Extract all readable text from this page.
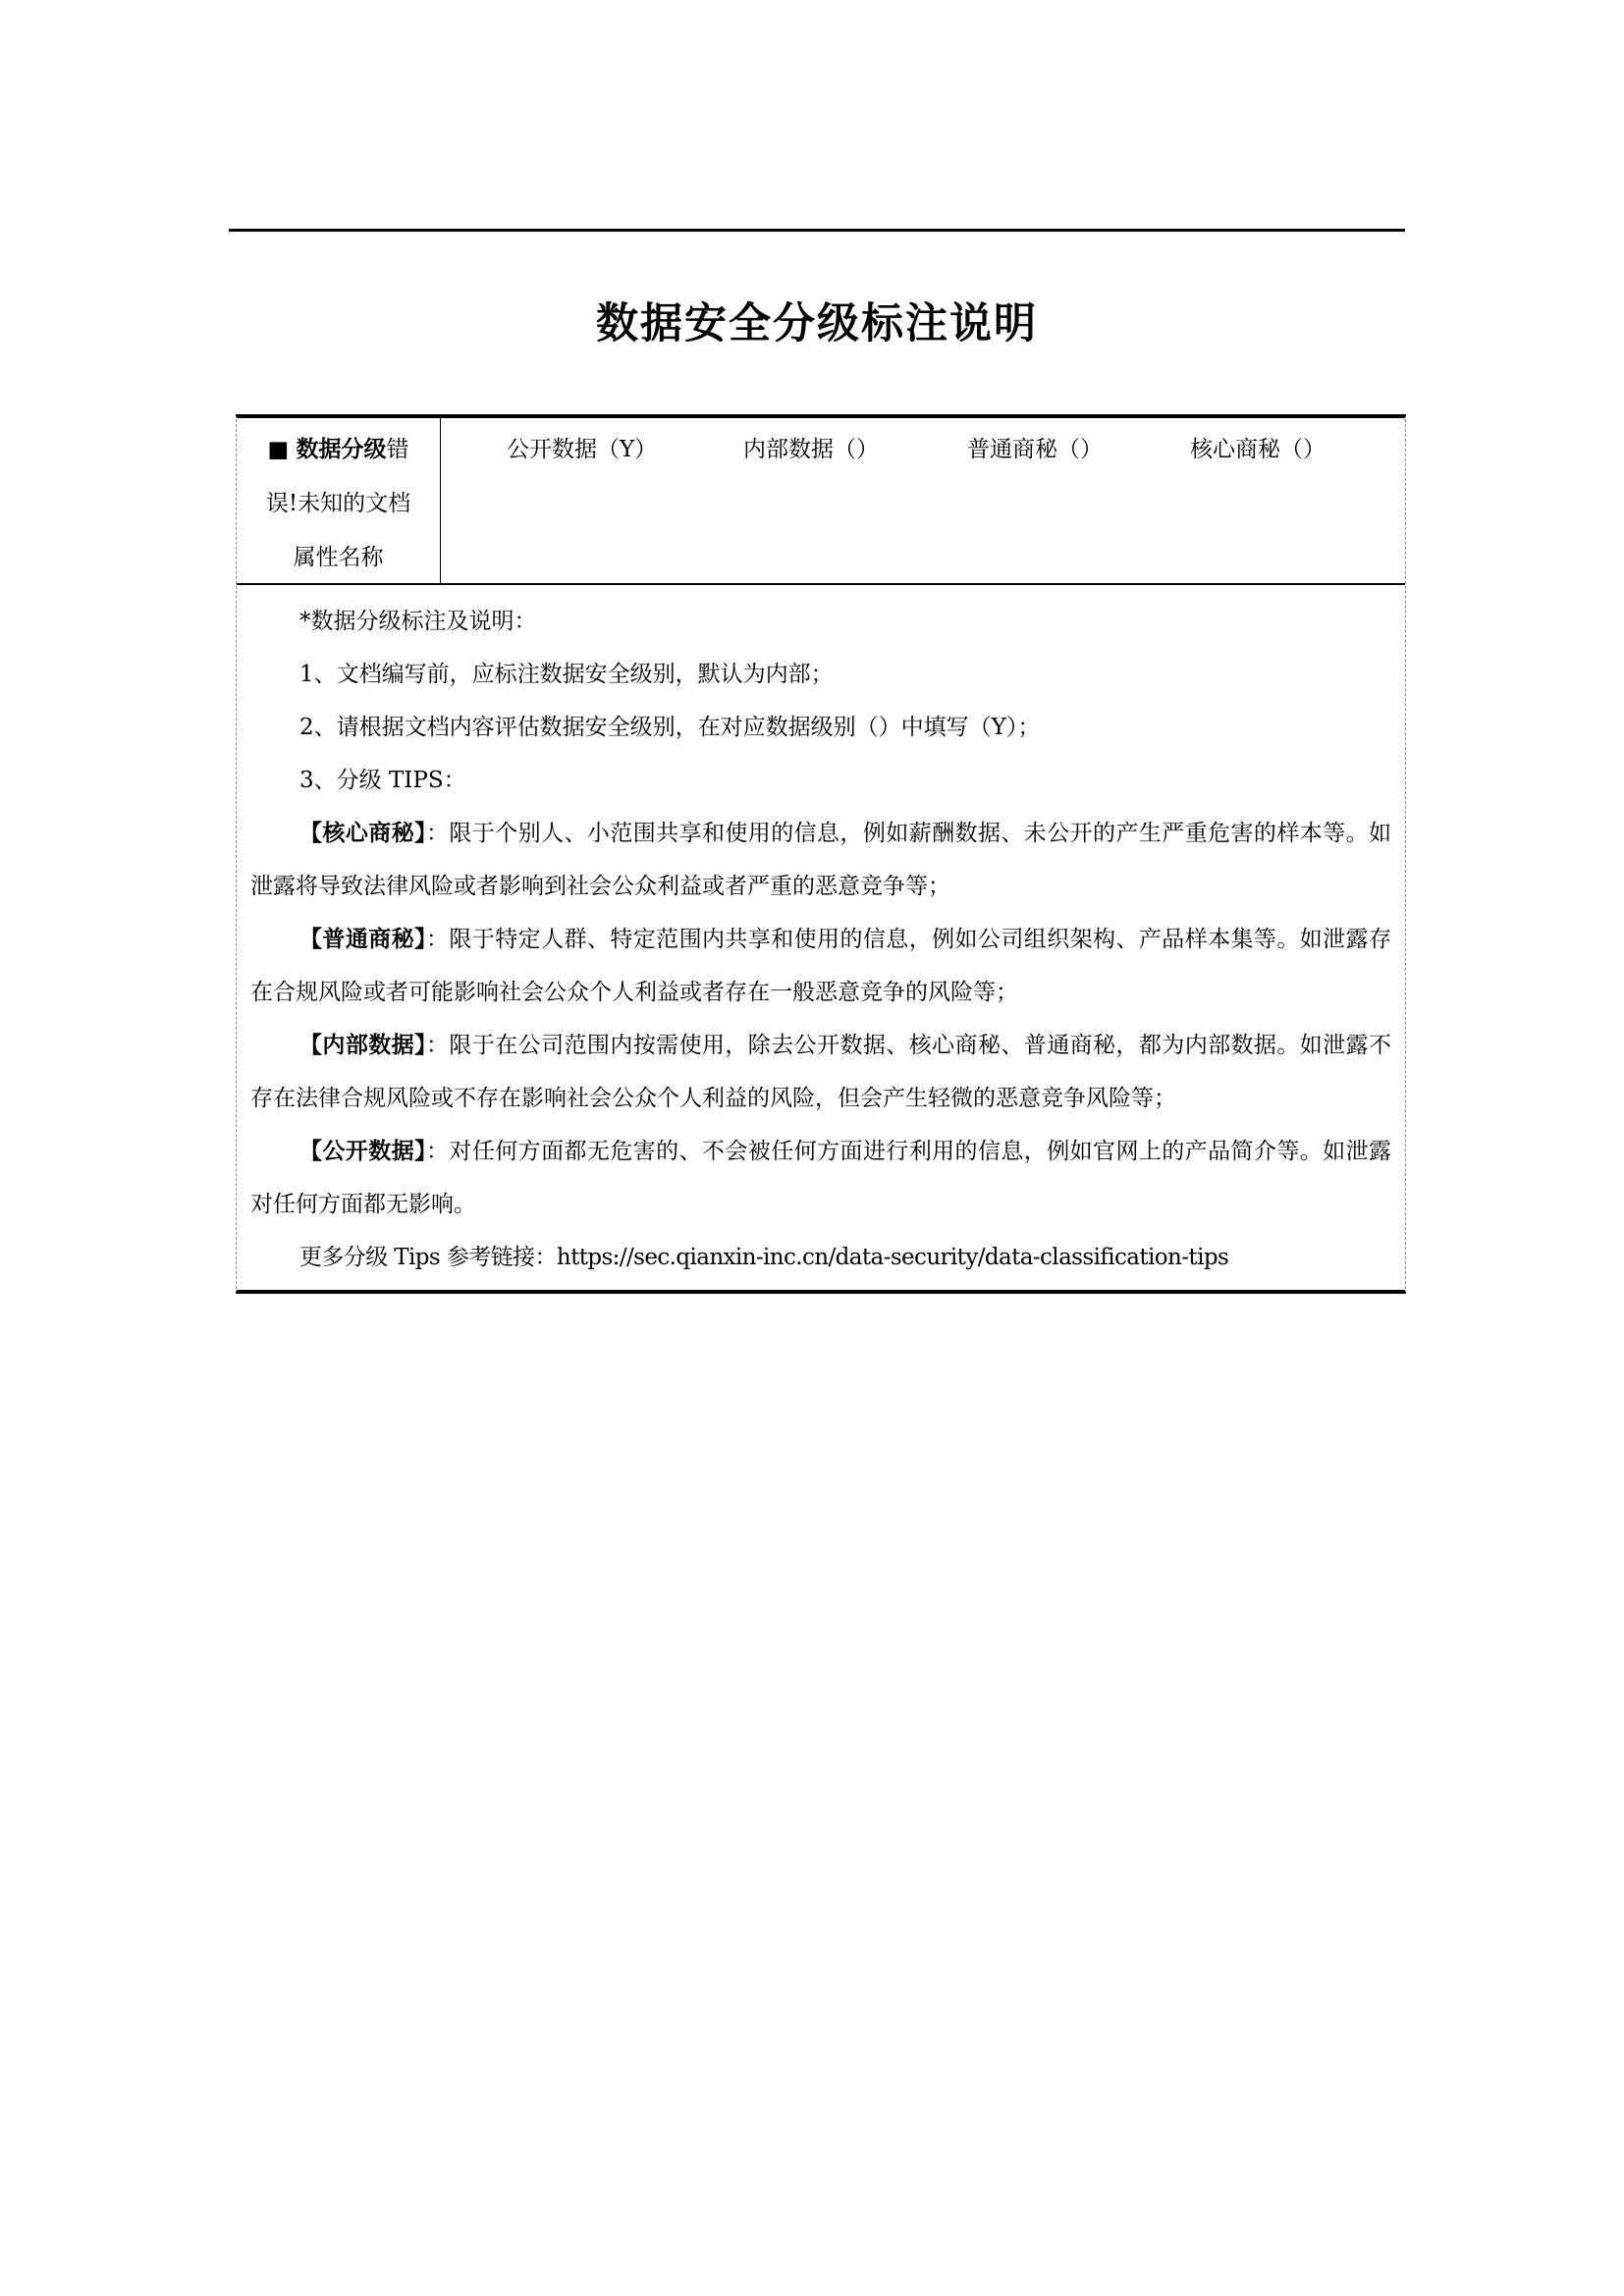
数据安全分级标注说明
■ 数据分级错
误!未知的文档
属性名称
公开数据（Y）	内部数据（）	普通商秘（）	核心商秘（）

*数据分级标注及说明：

1、文档编写前，应标注数据安全级别，默认为内部；

2、请根据文档内容评估数据安全级别，在对应数据级别（）中填写（Y）；

3、分级 TIPS：

【核心商秘】：限于个别人、小范围共享和使用的信息，例如薪酬数据、未公开的产生严重危害的样本等。如泄露将导致法律风险或者影响到社会公众利益或者严重的恶意竞争等；

【普通商秘】：限于特定人群、特定范围内共享和使用的信息，例如公司组织架构、产品样本集等。如泄露存在合规风险或者可能影响社会公众个人利益或者存在一般恶意竞争的风险等；

【内部数据】：限于在公司范围内按需使用，除去公开数据、核心商秘、普通商秘，都为内部数据。如泄露不存在法律合规风险或不存在影响社会公众个人利益的风险，但会产生轻微的恶意竞争风险等；

【公开数据】：对任何方面都无危害的、不会被任何方面进行利用的信息，例如官网上的产品简介等。如泄露对任何方面都无影响。

更多分级 Tips 参考链接：https://sec.qianxin-inc.cn/data-security/data-classification-tips
